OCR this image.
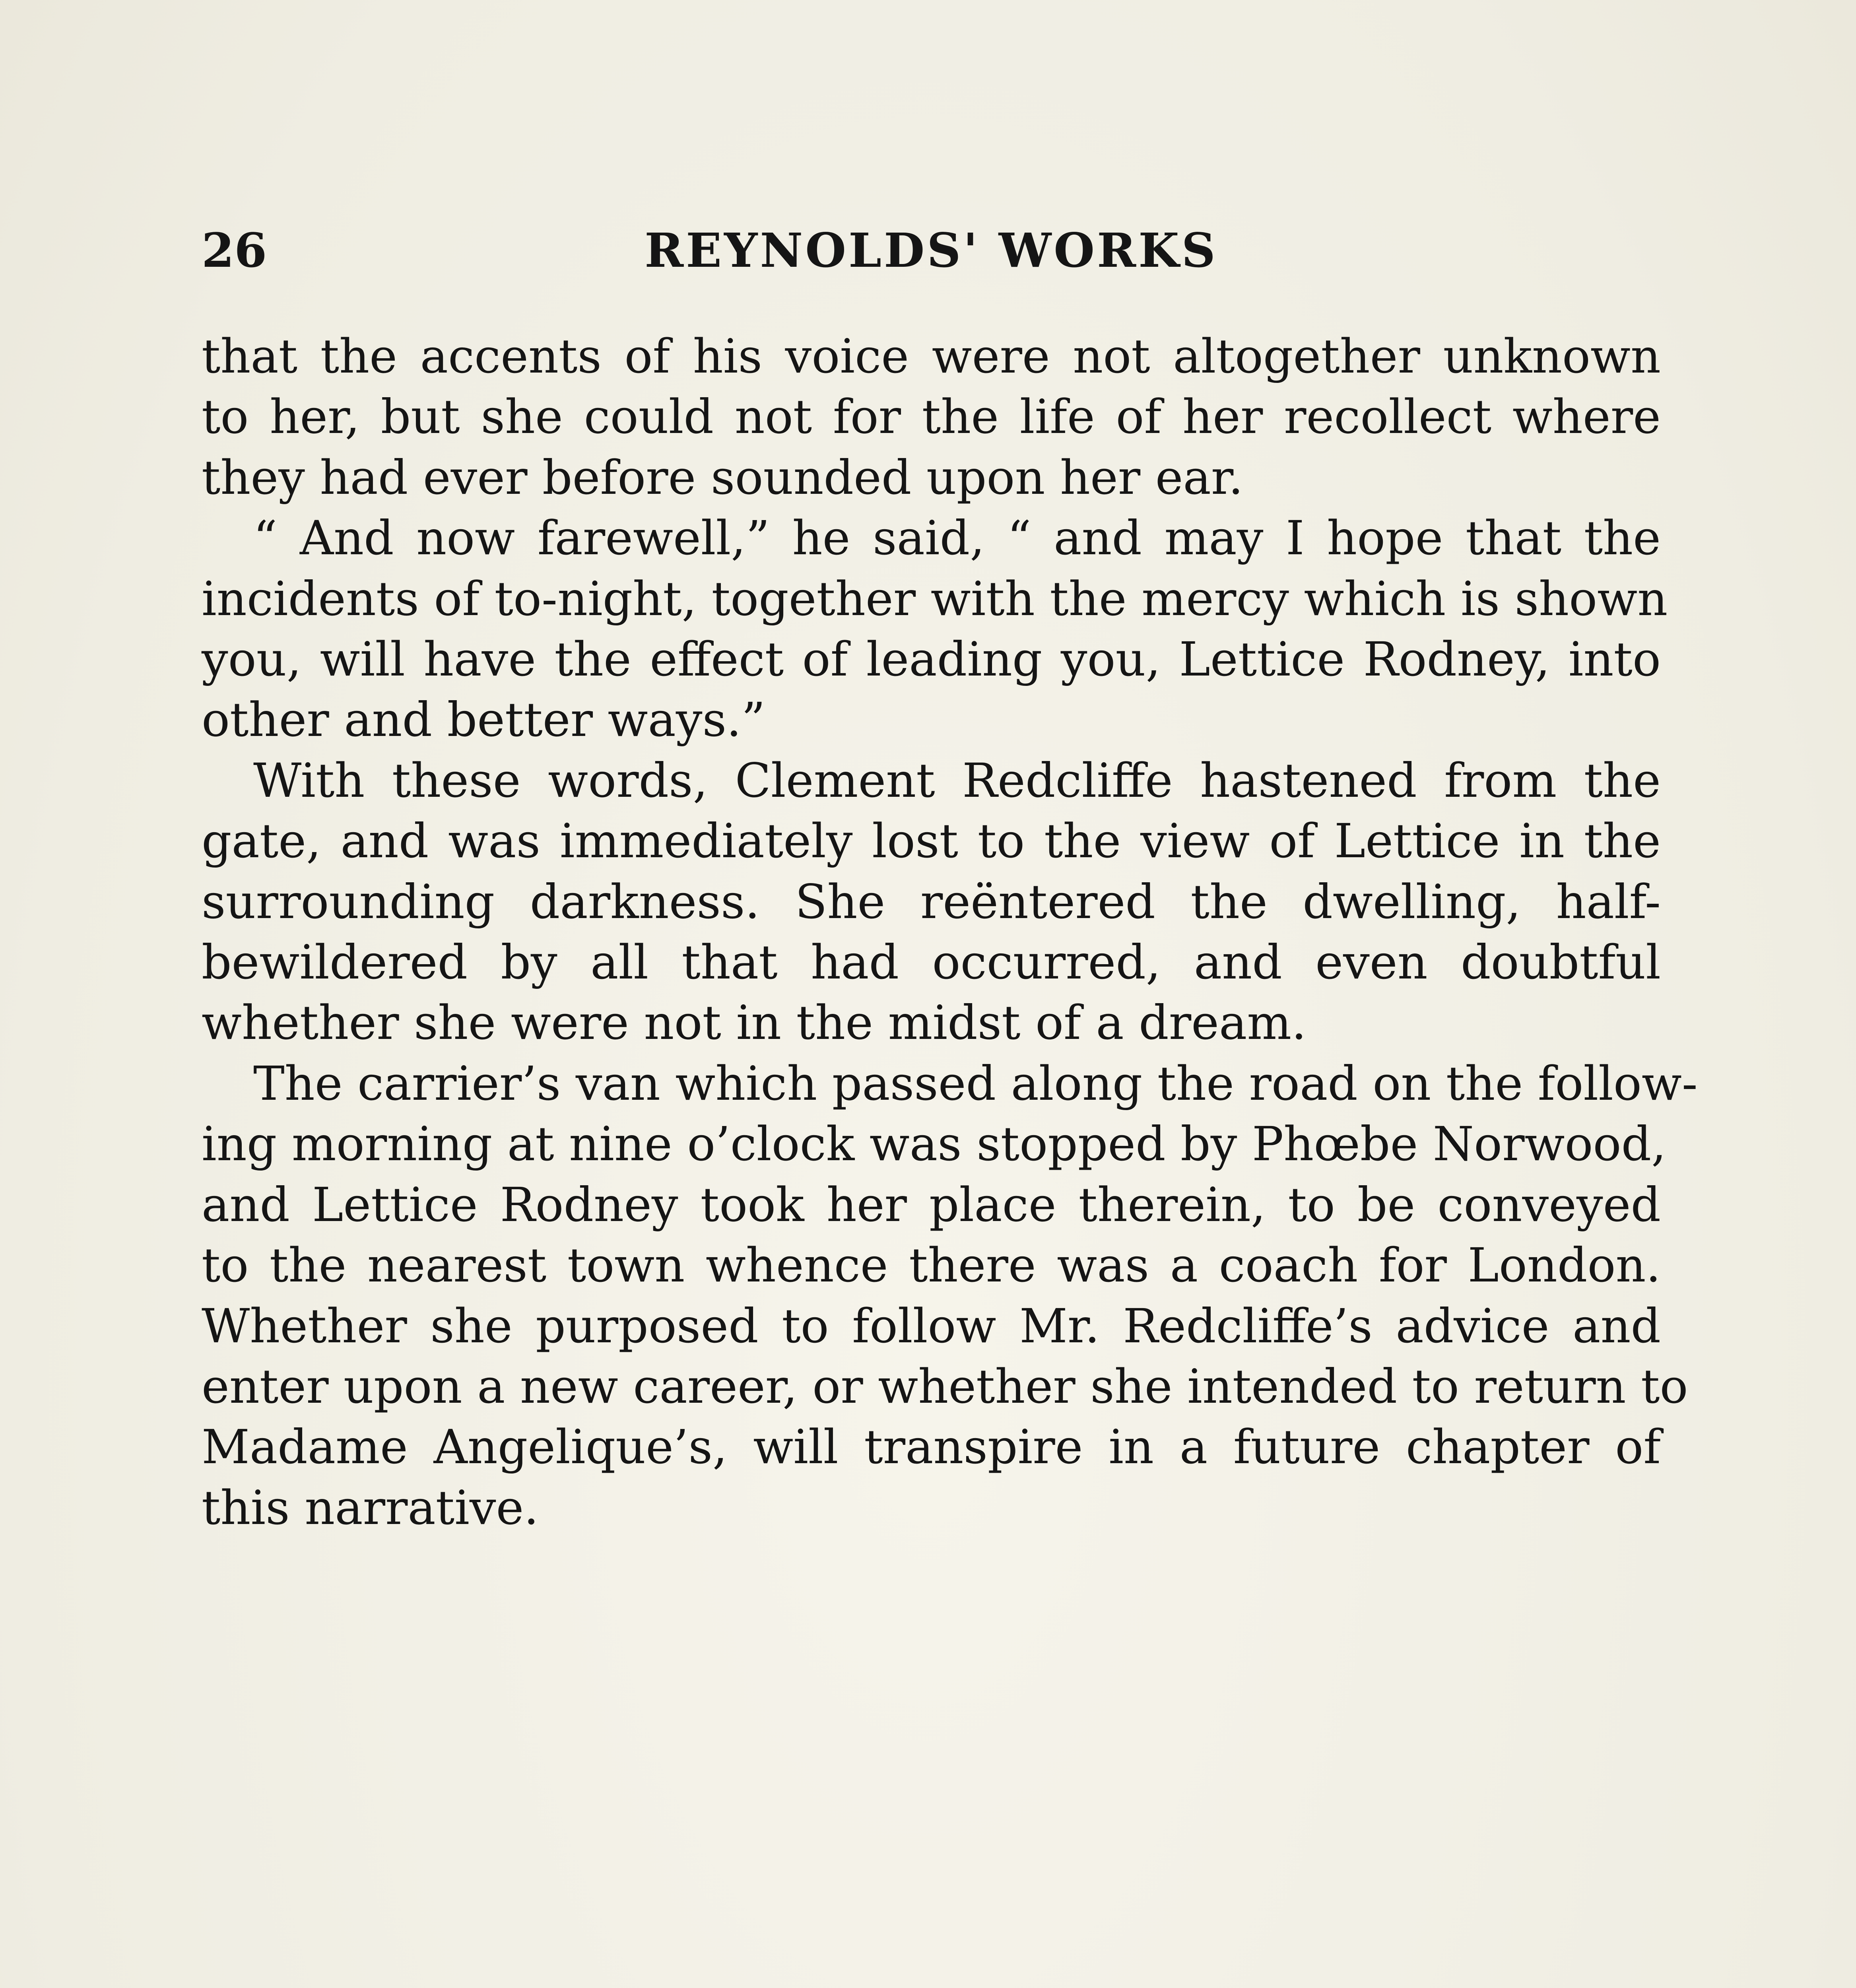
26	REYNOLDS' WORKS

that the accents of his voice were not altogether unknown
to her, but she could not for the life of her recollect where
they had ever before sounded upon her ear.

“ And now farewell,” he said, “ and may I hope that the
incidents of to-night, together with the mercy which is shown
you, will have the effect of leading you, Lettice Rodney, into
other and better ways.”

With these words, Clement Redcliffe hastened from the
gate, and was immediately lost to the view of Lettice in the
surrounding darkness. She reëntered the dwelling, half-
bewildered by all that had occurred, and even doubtful
whether she were not in the midst of a dream.

The carrier’s van which passed along the road on the follow-
ing morning at nine o’clock was stopped by Phœbe Norwood,
and Lettice Rodney took her place therein, to be conveyed
to the nearest town whence there was a coach for London.
Whether she purposed to follow Mr. Redcliffe’s advice and
enter upon a new career, or whether she intended to return to
Madame Angelique’s, will transpire in a future chapter of
this narrative.
